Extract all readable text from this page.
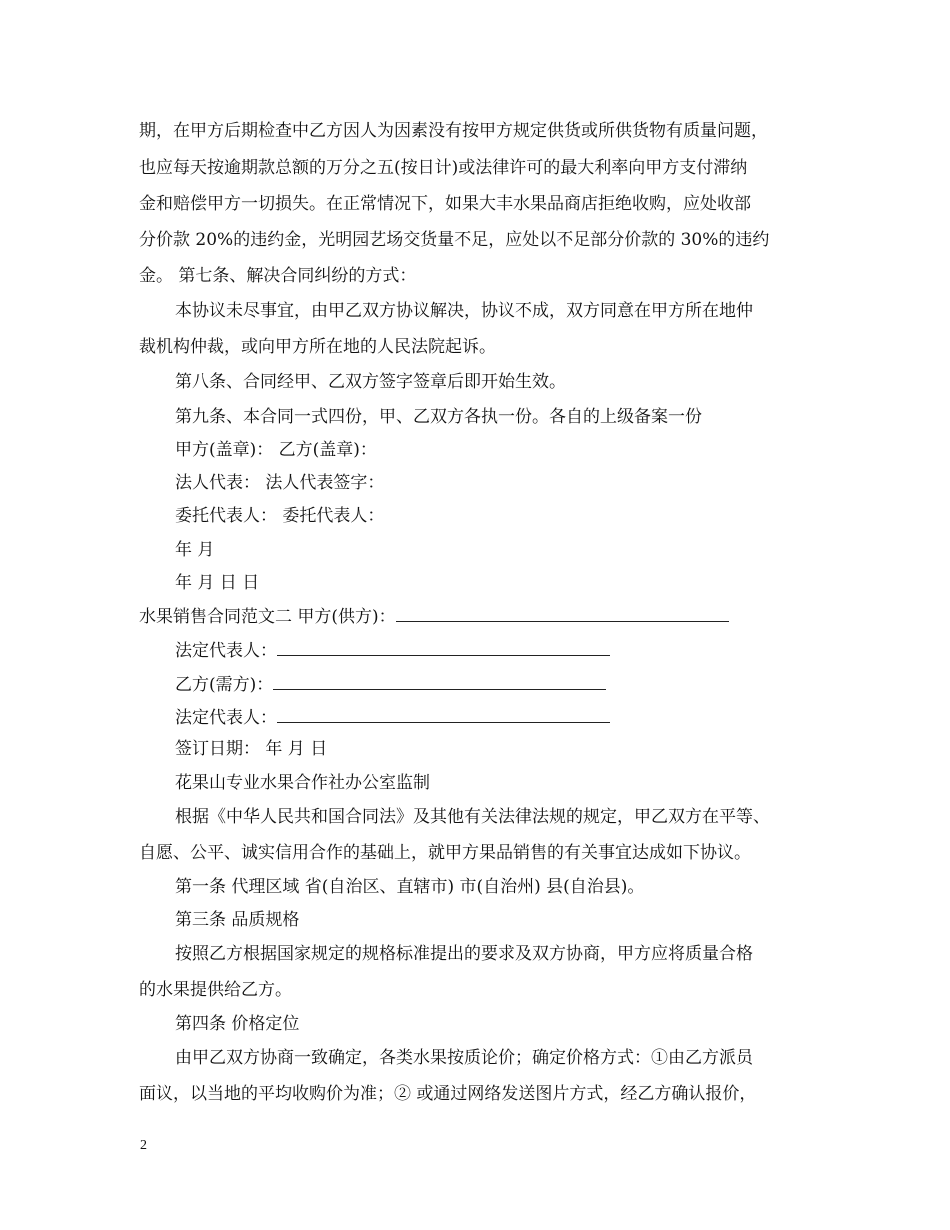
期，在甲方后期检查中乙方因人为因素没有按甲方规定供货或所供货物有质量问题，
也应每天按逾期款总额的万分之五(按日计)或法律许可的最大利率向甲方支付滞纳
金和赔偿甲方一切损失。在正常情况下，如果大丰水果品商店拒绝收购，应处收部
分价款 20%的违约金，光明园艺场交货量不足，应处以不足部分价款的 30%的违约
金。 第七条、解决合同纠纷的方式：
本协议未尽事宜，由甲乙双方协议解决，协议不成，双方同意在甲方所在地仲
裁机构仲裁，或向甲方所在地的人民法院起诉。
第八条、合同经甲、乙双方签字签章后即开始生效。
第九条、本合同一式四份，甲、乙双方各执一份。各自的上级备案一份
甲方(盖章)： 乙方(盖章)：
法人代表： 法人代表签字：
委托代表人： 委托代表人：
年 月
年 月 日 日
水果销售合同范文二 甲方(供方)：
法定代表人：
乙方(需方)：
法定代表人：
签订日期： 年 月 日
花果山专业水果合作社办公室监制
根据《中华人民共和国合同法》及其他有关法律法规的规定，甲乙双方在平等、
自愿、公平、诚实信用合作的基础上，就甲方果品销售的有关事宜达成如下协议。
第一条 代理区域 省(自治区、直辖市) 市(自治州) 县(自治县)。
第三条 品质规格
按照乙方根据国家规定的规格标准提出的要求及双方协商，甲方应将质量合格
的水果提供给乙方。
第四条 价格定位
由甲乙双方协商一致确定，各类水果按质论价；确定价格方式：①由乙方派员
面议，以当地的平均收购价为准；② 或通过网络发送图片方式，经乙方确认报价，
2
